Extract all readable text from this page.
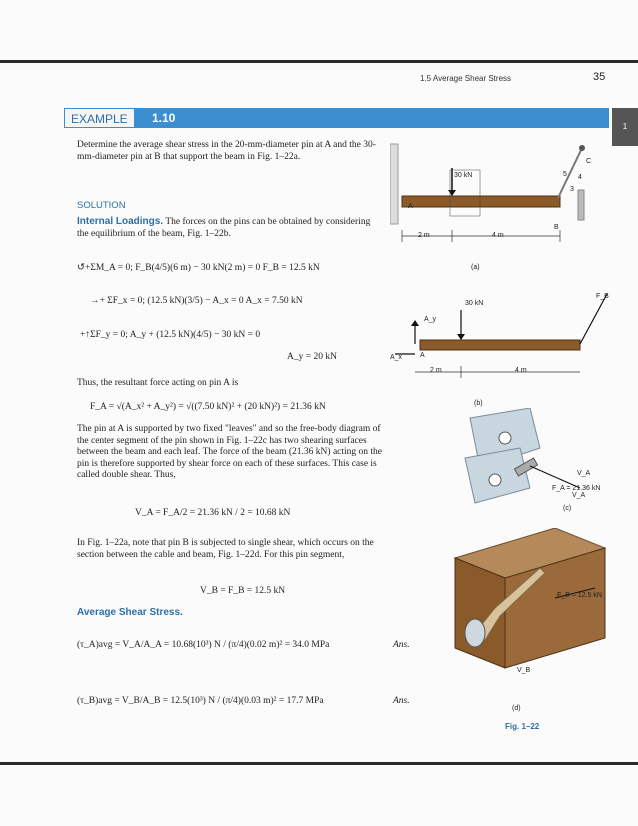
1.5 Average Shear Stress	35
EXAMPLE	1.10
1
Determine the average shear stress in the 20-mm-diameter pin at A and the 30-mm-diameter pin at B that support the beam in Fig. 1–22a.
SOLUTION
Internal Loadings. The forces on the pins can be obtained by considering the equilibrium of the beam, Fig. 1–22b.
↺+ΣM_A = 0; F_B(4/5)(6 m) − 30 kN(2 m) = 0 F_B = 12.5 kN
→+ ΣF_x = 0; (12.5 kN)(3/5) − A_x = 0 A_x = 7.50 kN
+↑ΣF_y = 0; A_y + (12.5 kN)(4/5) − 30 kN = 0
A_y = 20 kN
Thus, the resultant force acting on pin A is
F_A = √(A_x² + A_y²) = √((7.50 kN)² + (20 kN)²) = 21.36 kN
The pin at A is supported by two fixed "leaves" and so the free-body diagram of the center segment of the pin shown in Fig. 1–22c has two shearing surfaces between the beam and each leaf. The force of the beam (21.36 kN) acting on the pin is therefore supported by shear force on each of these surfaces. This case is called double shear. Thus,
V_A = F_A/2 = 21.36 kN / 2 = 10.68 kN
In Fig. 1–22a, note that pin B is subjected to single shear, which occurs on the section between the cable and beam, Fig. 1–22d. For this pin segment,
V_B = F_B = 12.5 kN
Average Shear Stress.
(τ_A)avg = V_A/A_A = 10.68(10³) N / (π/4)(0.02 m)² = 34.0 MPa	Ans.
(τ_B)avg = V_B/A_B = 12.5(10³) N / (π/4)(0.03 m)² = 17.7 MPa	Ans.
30 kN
A
B
C
5 4
3
2 m	4 m
(a)
30 kN
F_B
A_y
A_x	A
2 m	4 m
(b)
V_A
V_A
F_A = 21.36 kN
(c)
F_B = 12.5 kN
V_B
(d)
Fig. 1–22
